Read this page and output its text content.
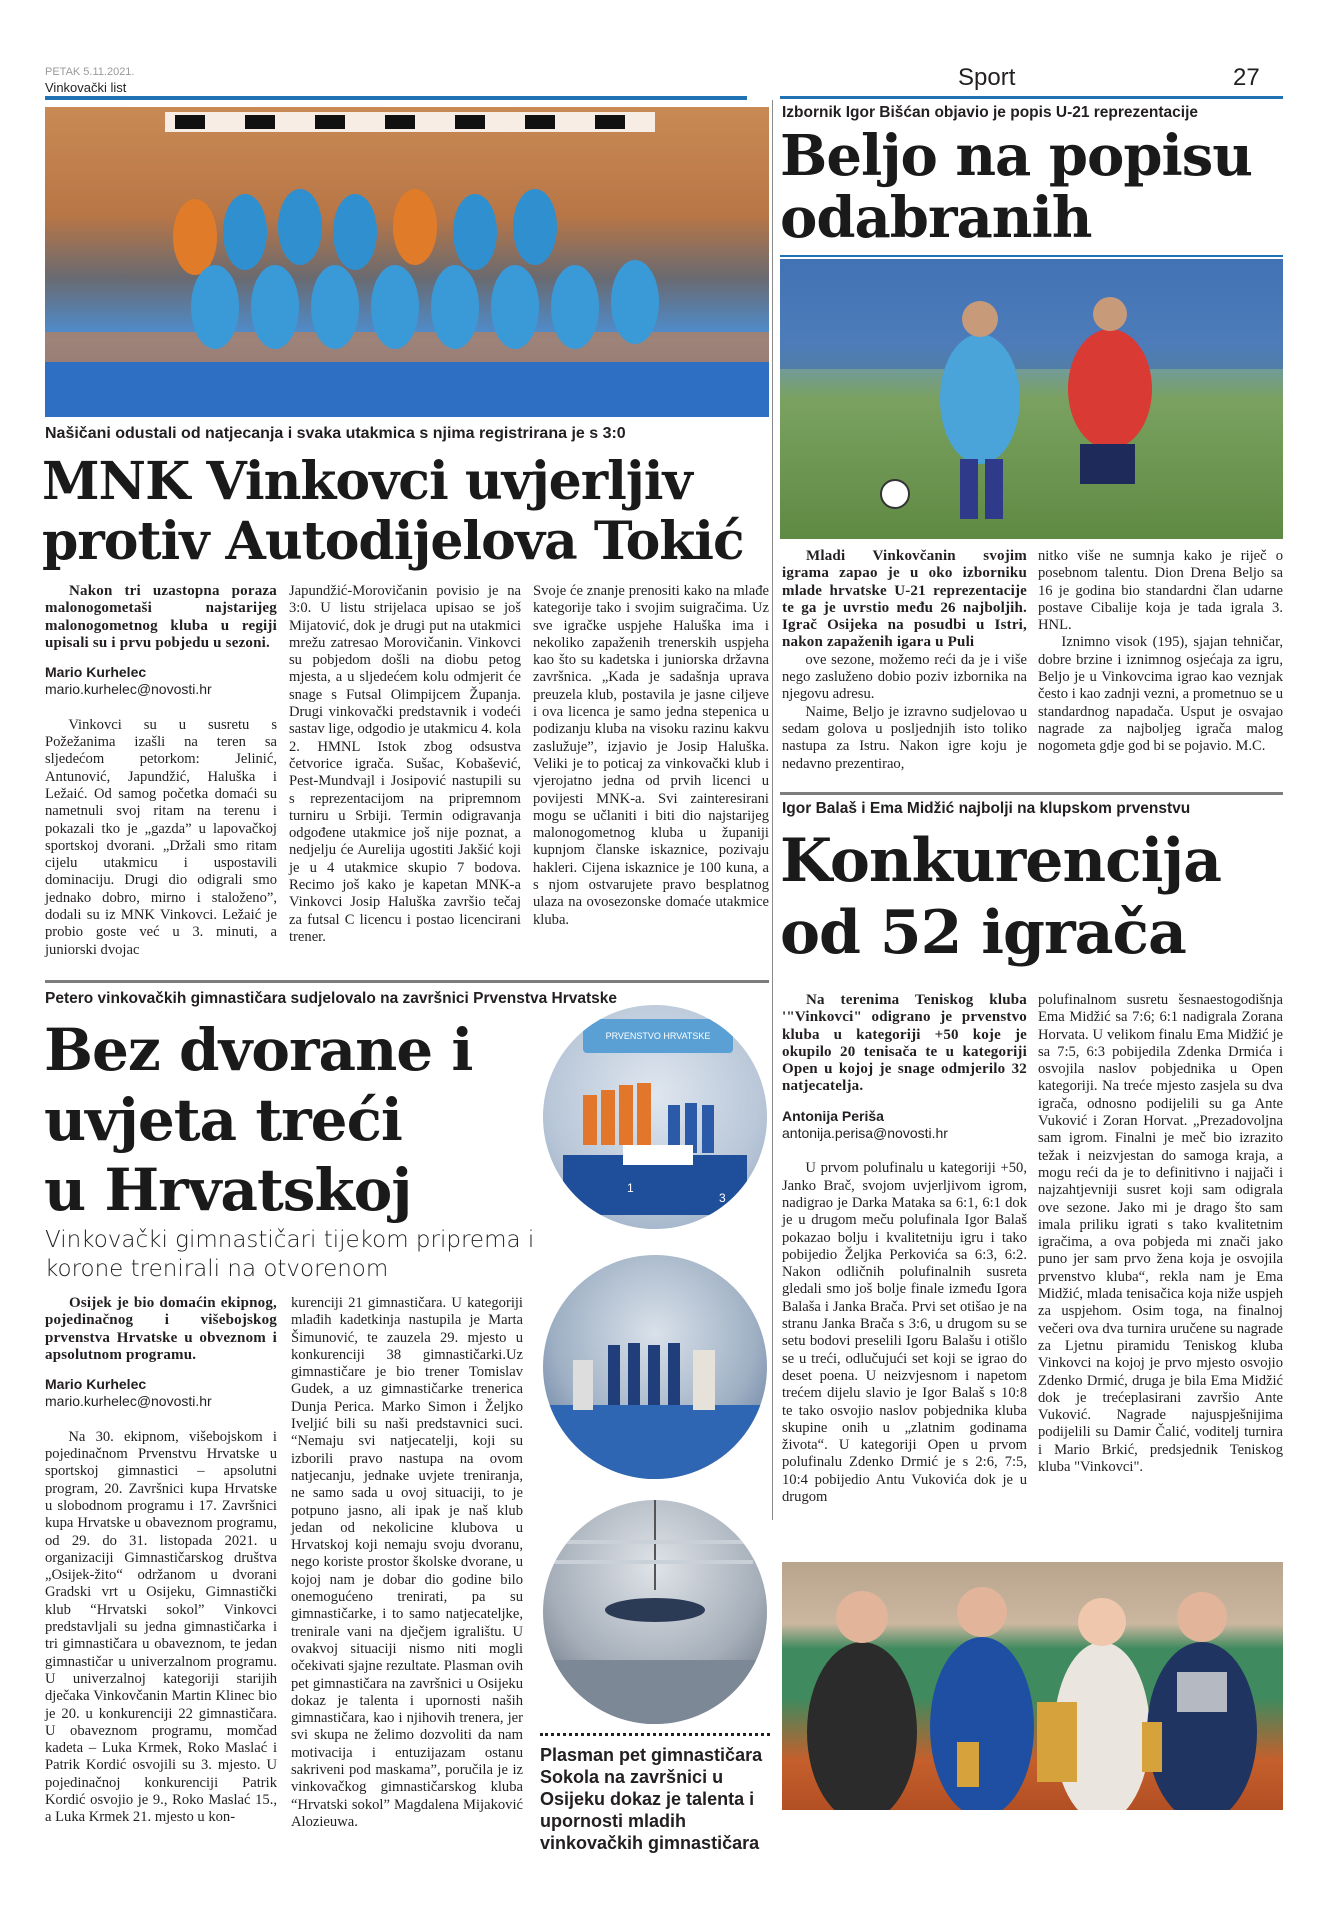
PETAK 5.11.2021.
Vinkovački list	Sport	27
Našičani odustali od natjecanja i svaka utakmica s njima registrirana je s 3:0
MNK Vinkovci uvjerljiv
protiv Autodijelova Tokić

Nakon tri uzastopna poraza malonogometaši najstarijeg malonogometnog kluba u regiji upisali su i prvu pobjedu u sezoni.

Mario Kurhelec

mario.kurhelec@novosti.hr

Vinkovci su u susretu s Požežanima izašli na teren sa sljedećom petorkom: Jelinić, Antunović, Japundžić, Haluška i Ležaić. Od samog početka domaći su nametnuli svoj ritam na terenu i pokazali tko je „gazda” u lapovačkoj sportskoj dvorani. „Držali smo ritam cijelu utakmicu i uspostavili dominaciju. Drugi dio odigrali smo jednako dobro, mirno i staloženo”, dodali su iz MNK Vinkovci. Ležaić je probio goste već u 3. minuti, a juniorski dvojac

Japundžić-Morovičanin povisio je na 3:0. U listu strijelaca upisao se još Mijatović, dok je drugi put na utakmici mrežu zatresao Morovičanin. Vinkovci su pobjedom došli na diobu petog mjesta, a u sljedećem kolu odmjerit će snage s Futsal Olimpijcem Županja. Drugi vinkovački predstavnik i vodeći sastav lige, odgodio je utakmicu 4. kola 2. HMNL Istok zbog odsustva četvorice igrača. Sušac, Kobašević, Pest-Mundvajl i Josipović nastupili su s reprezentacijom na pripremnom turniru u Srbiji. Termin odigravanja odgođene utakmice još nije poznat, a nedjelju će Aurelija ugostiti Jakšić koji je u 4 utakmice skupio 7 bodova. Recimo još kako je kapetan MNK-a Vinkovci Josip Haluška završio tečaj za futsal C licencu i postao licencirani trener.

Svoje će znanje prenositi kako na mlađe kategorije tako i svojim suigračima. Uz sve igračke uspjehe Haluška ima i nekoliko zapaženih trenerskih uspjeha kao što su kadetska i juniorska državna završnica. „Kada je sadašnja uprava preuzela klub, postavila je jasne ciljeve i ova licenca je samo jedna stepenica u podizanju kluba na visoku razinu kakvu zaslužuje”, izjavio je Josip Haluška. Veliki je to poticaj za vinkovački klub i vjerojatno jedna od prvih licenci u povijesti MNK-a. Svi zainteresirani mogu se učlaniti i biti dio najstarijeg malonogometnog kluba u županiji kupnjom članske iskaznice, pozivaju hakleri. Cijena iskaznice je 100 kuna, a s njom ostvarujete pravo besplatnog ulaza na ovosezonske domaće utakmice kluba.

Izbornik Igor Bišćan objavio je popis U-21 reprezentacije
Beljo na popisu
odabranih

Mladi Vinkovčanin svojim igrama zapao je u oko izborniku mlade hrvatske U-21 reprezentacije te ga je uvrstio među 26 najboljih. Igrač Osijeka na posudbi u Istri, nakon zapaženih igara u Puli

ove sezone, možemo reći da je i više nego zasluženo dobio poziv izbornika na njegovu adresu.

Naime, Beljo je izravno sudjelovao u sedam golova u posljednjih isto toliko nastupa za Istru. Nakon igre koju je nedavno prezentirao,

nitko više ne sumnja kako je riječ o posebnom talentu. Dion Drena Beljo sa 16 je godina bio standardni član udarne postave Cibalije koja je tada igrala 3. HNL.

Iznimno visok (195), sjajan tehničar, dobre brzine i iznimnog osjećaja za igru, Beljo je u Vinkovcima igrao kao veznjak često i kao zadnji vezni, a prometnuo se u standardnog napadača. Usput je osvajao nagrade za najboljeg igrača malog nogometa gdje god bi se pojavio. M.C.

Igor Balaš i Ema Midžić najbolji na klupskom prvenstvu
Konkurencija
od 52 igrača

Na terenima Teniskog kluba '"Vinkovci" odigrano je prvenstvo kluba u kategoriji +50 koje je okupilo 20 tenisača te u kategoriji Open u kojoj je snage odmjerilo 32 natjecatelja.

Antonija Periša

antonija.perisa@novosti.hr

U prvom polufinalu u kategoriji +50, Janko Brač, svojom uvjerljivom igrom, nadigrao je Darka Mataka sa 6:1, 6:1 dok je u drugom meču polufinala Igor Balaš pokazao bolju i kvalitetniju igru i tako pobijedio Željka Perkovića sa 6:3, 6:2. Nakon odličnih polufinalnih susreta gledali smo još bolje finale između Igora Balaša i Janka Brača. Prvi set otišao je na stranu Janka Brača s 3:6, u drugom su se setu bodovi preselili Igoru Balašu i otišlo se u treći, odlučujući set koji se igrao do deset poena. U neizvjesnom i napetom trećem dijelu slavio je Igor Balaš s 10:8 te tako osvojio naslov pobjednika kluba skupine onih u „zlatnim godinama života“. U kategoriji Open u prvom polufinalu Zdenko Drmić je s 2:6, 7:5, 10:4 pobijedio Antu Vukovića dok je u drugom

polufinalnom susretu šesnaestogodišnja Ema Midžić sa 7:6; 6:1 nadigrala Zorana Horvata. U velikom finalu Ema Midžić je sa 7:5, 6:3 pobijedila Zdenka Drmića i osvojila naslov pobjednika u Open kategoriji. Na treće mjesto zasjela su dva igrača, odnosno podijelili su ga Ante Vuković i Zoran Horvat. „Prezadovoljna sam igrom. Finalni je meč bio izrazito težak i neizvjestan do samoga kraja, a mogu reći da je to definitivno i najjači i najzahtjevniji susret koji sam odigrala ove sezone. Jako mi je drago što sam imala priliku igrati s tako kvalitetnim igračima, a ova pobjeda mi znači jako puno jer sam prvo žena koja je osvojila prvenstvo kluba“, rekla nam je Ema Midžić, mlada tenisačica koja niže uspjeh za uspjehom. Osim toga, na finalnoj večeri ova dva turnira uručene su nagrade za Ljetnu piramidu Teniskog kluba Vinkovci na kojoj je prvo mjesto osvojio Zdenko Drmić, druga je bila Ema Midžić dok je trećeplasirani završio Ante Vuković. Nagrade najuspješnijima podijelili su Damir Čalić, voditelj turnira i Mario Brkić, predsjednik Teniskog kluba "Vinkovci".

Petero vinkovačkih gimnastičara sudjelovalo na završnici Prvenstva Hrvatske
Bez dvorane i
uvjeta treći
u Hrvatskoj
Vinkovački gimnastičari tijekom pripremа i korone trenirali na otvorenom

Osijek je bio domaćin ekipnog, pojedinačnog i višebojskog prvenstva Hrvatske u obveznom i apsolutnom programu.

Mario Kurhelec

mario.kurhelec@novosti.hr

Na 30. ekipnom, višebojskom i pojedinačnom Prvenstvu Hrvatske u sportskoj gimnastici – apsolutni program, 20. Završnici kupa Hrvatske u slobodnom programu i 17. Završnici kupa Hrvatske u obaveznom programu, od 29. do 31. listopada 2021. u organizaciji Gimnastičarskog društva „Osijek-žito“ održanom u dvorani Gradski vrt u Osijeku, Gimnastički klub “Hrvatski sokol” Vinkovci predstavljali su jedna gimnastičarka i tri gimnastičara u obaveznom, te jedan gimnastičar u univerzalnom programu. U univerzalnoj kategoriji starijih dječaka Vinkovčanin Martin Klinec bio je 20. u konkurenciji 22 gimnastičara. U obaveznom programu, momčad kadeta – Luka Krmek, Roko Maslać i Patrik Kordić osvojili su 3. mjesto. U pojedinačnoj konkurenciji Patrik Kordić osvojio je 9., Roko Maslać 15., a Luka Krmek 21. mjesto u kon-

kurenciji 21 gimnastičara. U kategoriji mlađih kadetkinja nastupila je Marta Šimunović, te zauzela 29. mjesto u konkurenciji 38 gimnastičarki.Uz gimnastičare je bio trener Tomislav Gudek, a uz gimnastičarke trenerica Dunja Perica. Marko Simon i Željko Iveljić bili su naši predstavnici suci. “Nemaju svi natjecatelji, koji su izborili pravo nastupa na ovom natjecanju, jednake uvjete treniranja, ne samo sada u ovoj situaciji, to je potpuno jasno, ali ipak je naš klub jedan od nekolicine klubova u Hrvatskoj koji nemaju svoju dvoranu, nego koriste prostor školske dvorane, u kojoj nam je dobar dio godine bilo onemogućeno trenirati, pa su gimnastičarke, i to samo natjecateljke, trenirale vani na dječjem igralištu. U ovakvoj situaciji nismo niti mogli očekivati sjajne rezultate. Plasman ovih pet gimnastičara na završnici u Osijeku dokaz je talenta i upornosti naših gimnastičara, kao i njihovih trenera, jer svi skupa ne želimo dozvoliti da nam motivacija i entuzijazam ostanu sakriveni pod maskama”, poručila je iz vinkovačkog gimnastičarskog kluba “Hrvatski sokol” Magdalena Mijaković Alozieuwa.

PRVENSTVO HRVATSKE
1
3
Plasman pet gimnastičara Sokola na završnici u Osijeku dokaz je talenta i upornosti mladih vinkovačkih gimnastičara
